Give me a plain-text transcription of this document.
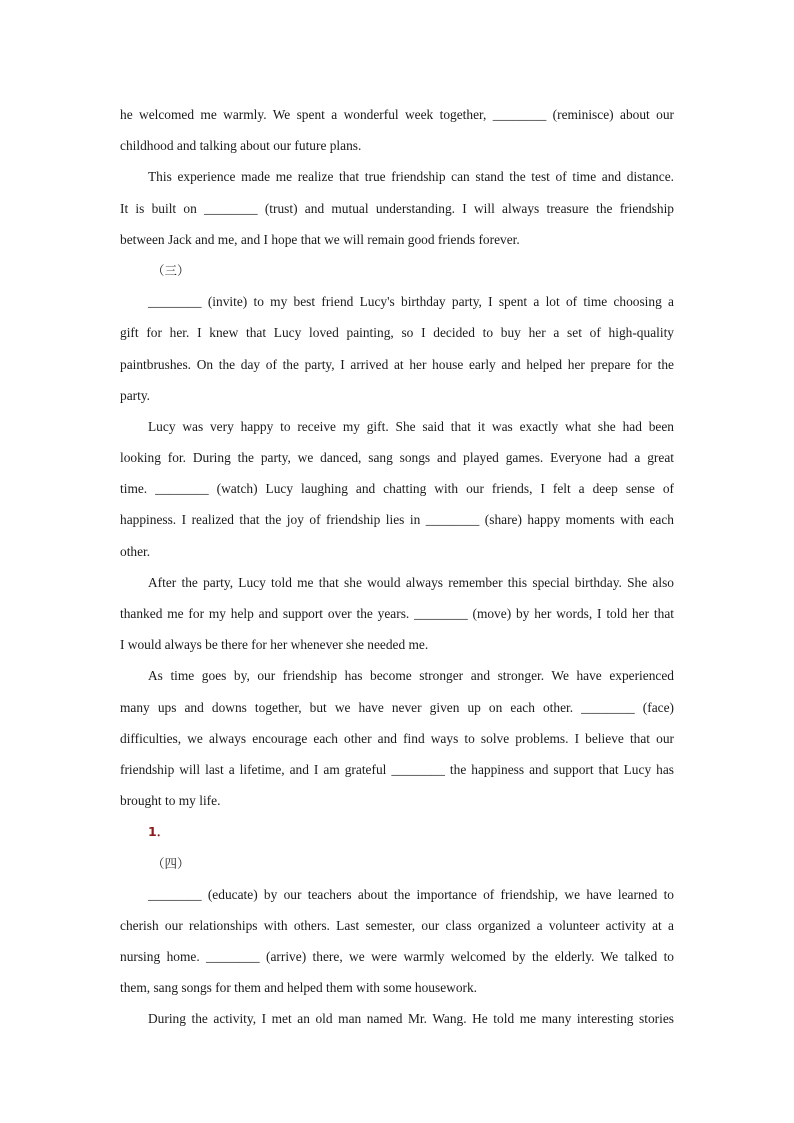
he welcomed me warmly. We spent a wonderful week together, ________ (reminisce) about our
childhood and talking about our future plans.
This experience made me realize that true friendship can stand the test of time and distance.
It is built on ________ (trust) and mutual understanding. I will always treasure the friendship
between Jack and me, and I hope that we will remain good friends forever.
（三）
________ (invite) to my best friend Lucy's birthday party, I spent a lot of time choosing a
gift for her. I knew that Lucy loved painting, so I decided to buy her a set of high-quality
paintbrushes. On the day of the party, I arrived at her house early and helped her prepare for the
party.
Lucy was very happy to receive my gift. She said that it was exactly what she had been
looking for. During the party, we danced, sang songs and played games. Everyone had a great
time. ________ (watch) Lucy laughing and chatting with our friends, I felt a deep sense of
happiness. I realized that the joy of friendship lies in ________ (share) happy moments with each
other.
After the party, Lucy told me that she would always remember this special birthday. She also
thanked me for my help and support over the years. ________ (move) by her words, I told her that
I would always be there for her whenever she needed me.
As time goes by, our friendship has become stronger and stronger. We have experienced
many ups and downs together, but we have never given up on each other. ________ (face)
difficulties, we always encourage each other and find ways to solve problems. I believe that our
friendship will last a lifetime, and I am grateful ________ the happiness and support that Lucy has
brought to my life.
1．
（四）
________ (educate) by our teachers about the importance of friendship, we have learned to
cherish our relationships with others. Last semester, our class organized a volunteer activity at a
nursing home. ________ (arrive) there, we were warmly welcomed by the elderly. We talked to
them, sang songs for them and helped them with some housework.
During the activity, I met an old man named Mr. Wang. He told me many interesting stories
